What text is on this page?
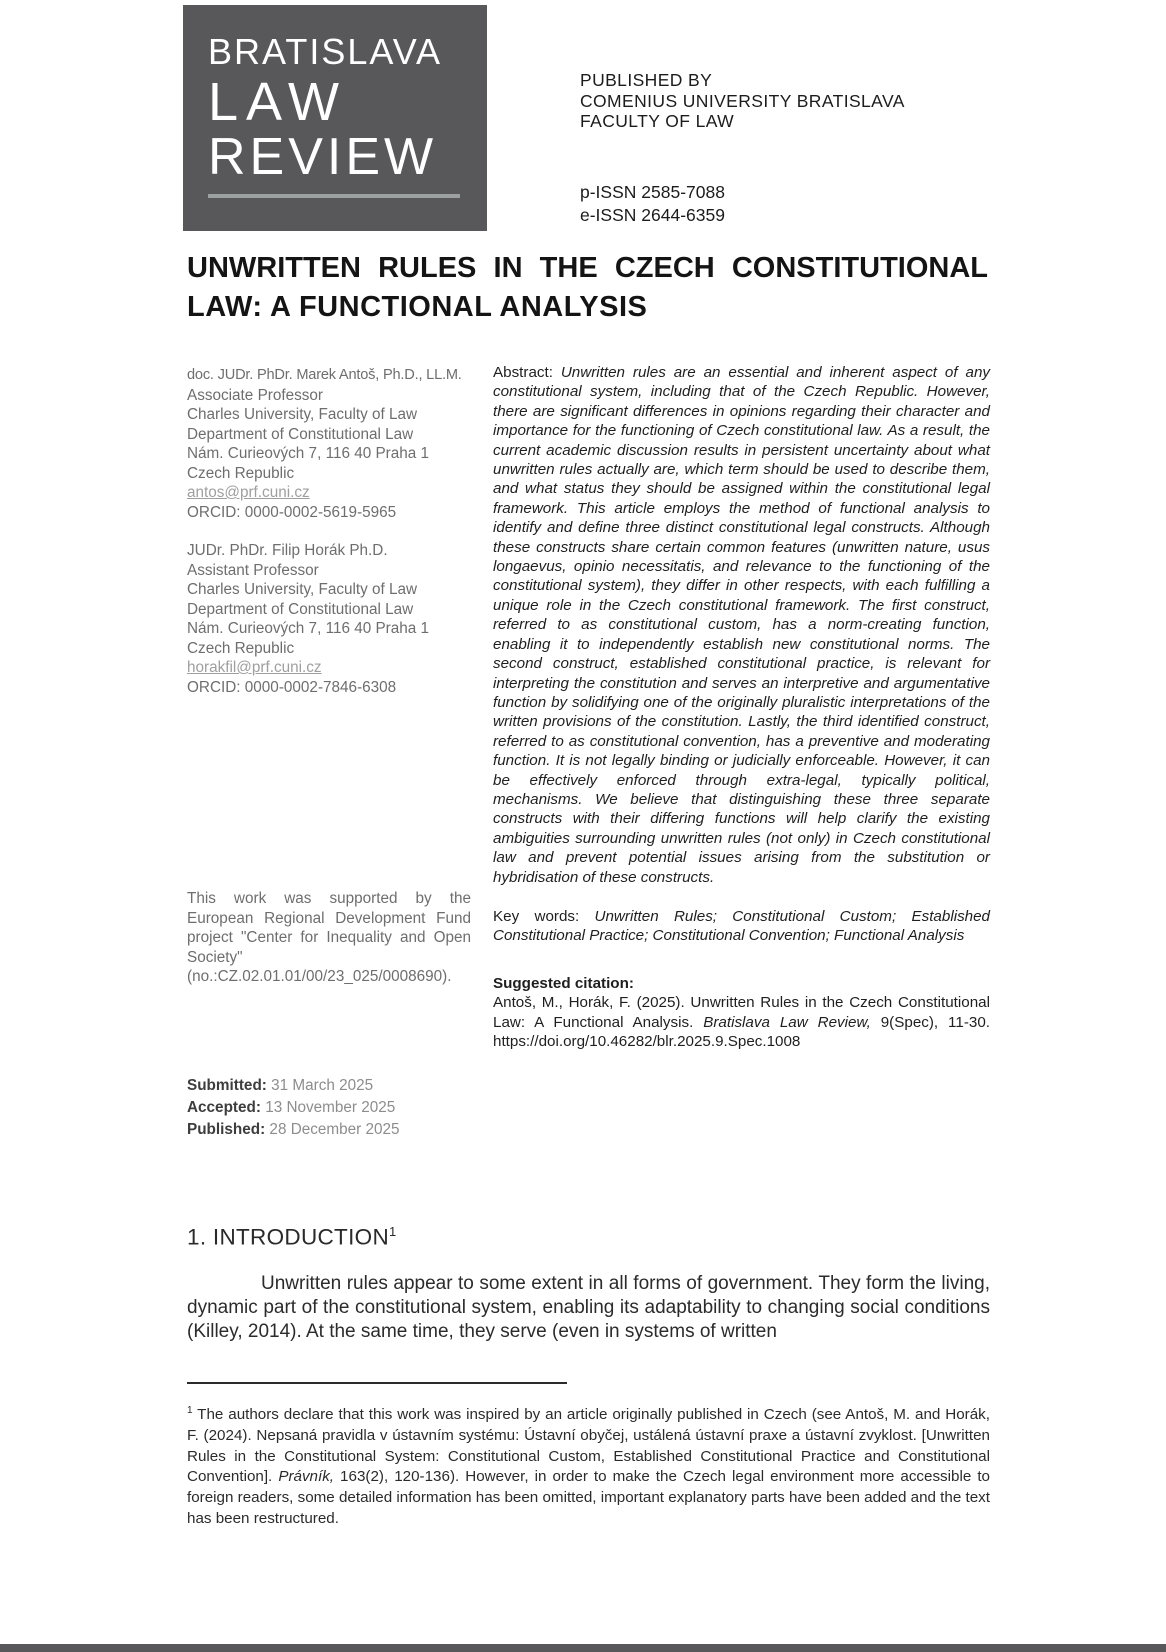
BRATISLAVA
LAW
REVIEW
PUBLISHED BY
COMENIUS UNIVERSITY BRATISLAVA
FACULTY OF LAW
p-ISSN 2585-7088
e-ISSN 2644-6359
UNWRITTEN RULES IN THE CZECH CONSTITUTIONAL
LAW: A FUNCTIONAL ANALYSIS
doc. JUDr. PhDr. Marek Antoš, Ph.D., LL.M.
Associate Professor
Charles University, Faculty of Law
Department of Constitutional Law
Nám. Curieových 7, 116 40 Praha 1
Czech Republic
antos@prf.cuni.cz
ORCID: 0000-0002-5619-5965
JUDr. PhDr. Filip Horák Ph.D.
Assistant Professor
Charles University, Faculty of Law
Department of Constitutional Law
Nám. Curieových 7, 116 40 Praha 1
Czech Republic
horakfil@prf.cuni.cz
ORCID: 0000-0002-7846-6308
This work was supported by the European Regional Development Fund project "Center for Inequality and Open Society"
(no.:CZ.02.01.01/00/23_025/0008690).
Submitted: 31 March 2025
Accepted: 13 November 2025
Published: 28 December 2025

Abstract: Unwritten rules are an essential and inherent aspect of any constitutional system, including that of the Czech Republic. However, there are significant differences in opinions regarding their character and importance for the functioning of Czech constitutional law. As a result, the current academic discussion results in persistent uncertainty about what unwritten rules actually are, which term should be used to describe them, and what status they should be assigned within the constitutional legal framework. This article employs the method of functional analysis to identify and define three distinct constitutional legal constructs. Although these constructs share certain common features (unwritten nature, usus longaevus, opinio necessitatis, and relevance to the functioning of the constitutional system), they differ in other respects, with each fulfilling a unique role in the Czech constitutional framework. The first construct, referred to as constitutional custom, has a norm-creating function, enabling it to independently establish new constitutional norms. The second construct, established constitutional practice, is relevant for interpreting the constitution and serves an interpretive and argumentative function by solidifying one of the originally pluralistic interpretations of the written provisions of the constitution. Lastly, the third identified construct, referred to as constitutional convention, has a preventive and moderating function. It is not legally binding or judicially enforceable. However, it can be effectively enforced through extra-legal, typically political, mechanisms. We believe that distinguishing these three separate constructs with their differing functions will help clarify the existing ambiguities surrounding unwritten rules (not only) in Czech constitutional law and prevent potential issues arising from the substitution or hybridisation of these constructs.

Key words: Unwritten Rules; Constitutional Custom; Established Constitutional Practice; Constitutional Convention; Functional Analysis

Suggested citation:
Antoš, M., Horák, F. (2025). Unwritten Rules in the Czech Constitutional Law: A Functional Analysis. Bratislava Law Review, 9(Spec), 11-30. https://doi.org/10.46282/blr.2025.9.Spec.1008
1. INTRODUCTION$^1$

Unwritten rules appear to some extent in all forms of government. They form the living, dynamic part of the constitutional system, enabling its adaptability to changing social conditions (Killey, 2014). At the same time, they serve (even in systems of written

$^1$ The authors declare that this work was inspired by an article originally published in Czech (see Antoš, M. and Horák, F. (2024). Nepsaná pravidla v ústavním systému: Ústavní obyčej, ustálená ústavní praxe a ústavní zvyklost. [Unwritten Rules in the Constitutional System: Constitutional Custom, Established Constitutional Practice and Constitutional Convention]. Právník, 163(2), 120-136). However, in order to make the Czech legal environment more accessible to foreign readers, some detailed information has been omitted, important explanatory parts have been added and the text has been restructured.
